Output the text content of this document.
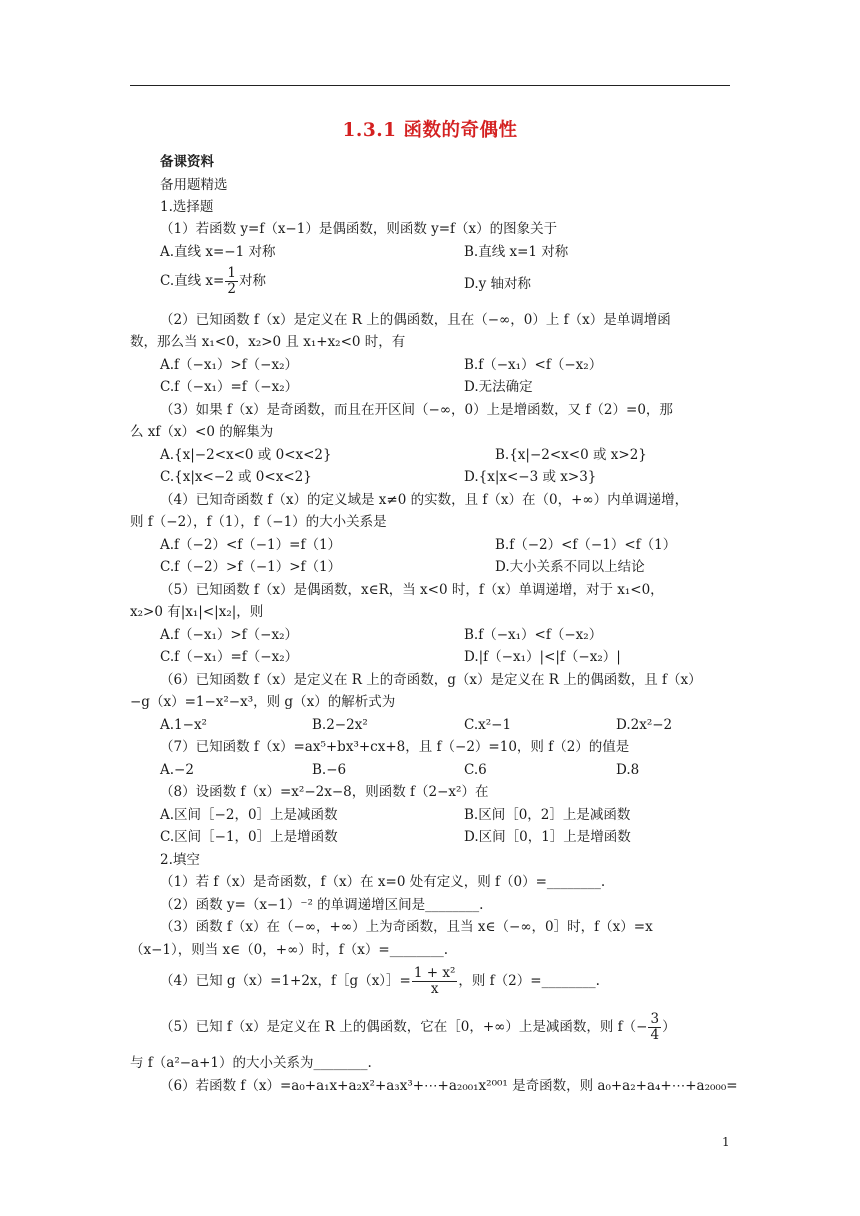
1.3.1 函数的奇偶性
备课资料
备用题精选
1.选择题
（1）若函数 y=f（x−1）是偶函数，则函数 y=f（x）的图象关于
A.直线 x=−1 对称	B.直线 x=1 对称
C.直线 $x= \frac{1}{2}$ 对称	D.y 轴对称
（2）已知函数 f（x）是定义在 R 上的偶函数，且在（−∞，0）上 f（x）是单调增函
数，那么当 x₁<0，x₂>0 且 x₁+x₂<0 时，有
A.f（−x₁）>f（−x₂）	B.f（−x₁）<f（−x₂）
C.f（−x₁）=f（−x₂）	D.无法确定
（3）如果 f（x）是奇函数，而且在开区间（−∞，0）上是增函数，又 f（2）=0，那
么 xf（x）<0 的解集为
A.{x|−2<x<0 或 0<x<2}	B.{x|−2<x<0 或 x>2}
C.{x|x<−2 或 0<x<2}	D.{x|x<−3 或 x>3}
（4）已知奇函数 f（x）的定义域是 x≠0 的实数，且 f（x）在（0，+∞）内单调递增，
则 f（−2），f（1），f（−1）的大小关系是
A.f（−2）<f（−1）=f（1）	B.f（−2）<f（−1）<f（1）
C.f（−2）>f（−1）>f（1）	D.大小关系不同以上结论
（5）已知函数 f（x）是偶函数，x∈R，当 x<0 时，f（x）单调递增，对于 x₁<0，
x₂>0 有|x₁|<|x₂|，则
A.f（−x₁）>f（−x₂）	B.f（−x₁）<f（−x₂）
C.f（−x₁）=f（−x₂）	D.|f（−x₁）|<|f（−x₂）|
（6）已知函数 f（x）是定义在 R 上的奇函数，g（x）是定义在 R 上的偶函数，且 f（x）
−g（x）=1−x²−x³，则 g（x）的解析式为
A.1−x²	B.2−2x²	C.x²−1	D.2x²−2
（7）已知函数 f（x）=ax⁵+bx³+cx+8，且 f（−2）=10，则 f（2）的值是
A.−2	B.−6	C.6	D.8
（8）设函数 f（x）=x²−2x−8，则函数 f（2−x²）在
A.区间［−2，0］上是减函数	B.区间［0，2］上是减函数
C.区间［−1，0］上是增函数	D.区间［0，1］上是增函数
2.填空
（1）若 f（x）是奇函数，f（x）在 x=0 处有定义，则 f（0）=________.
（2）函数 y=（x−1）⁻² 的单调递增区间是________.
（3）函数 f（x）在（−∞，+∞）上为奇函数，且当 x∈（−∞，0］时，f（x）=x
（x−1），则当 x∈（0，+∞）时，f（x）=________.
（4）已知 g（x）=1+2x，f［g（x）］= $\frac{\text{1 + x²}}{x}$ ，则 f（2）=________.
（5）已知 f（x）是定义在 R 上的偶函数，它在［0，+∞）上是减函数，则 $f(- \frac{3}{4}$ ）
与 f（a²−a+1）的大小关系为________.
（6）若函数 f（x）=a₀+a₁x+a₂x²+a₃x³+⋯+a₂₀₀₁x²⁰⁰¹ 是奇函数，则 a₀+a₂+a₄+⋯+a₂₀₀₀=
1
